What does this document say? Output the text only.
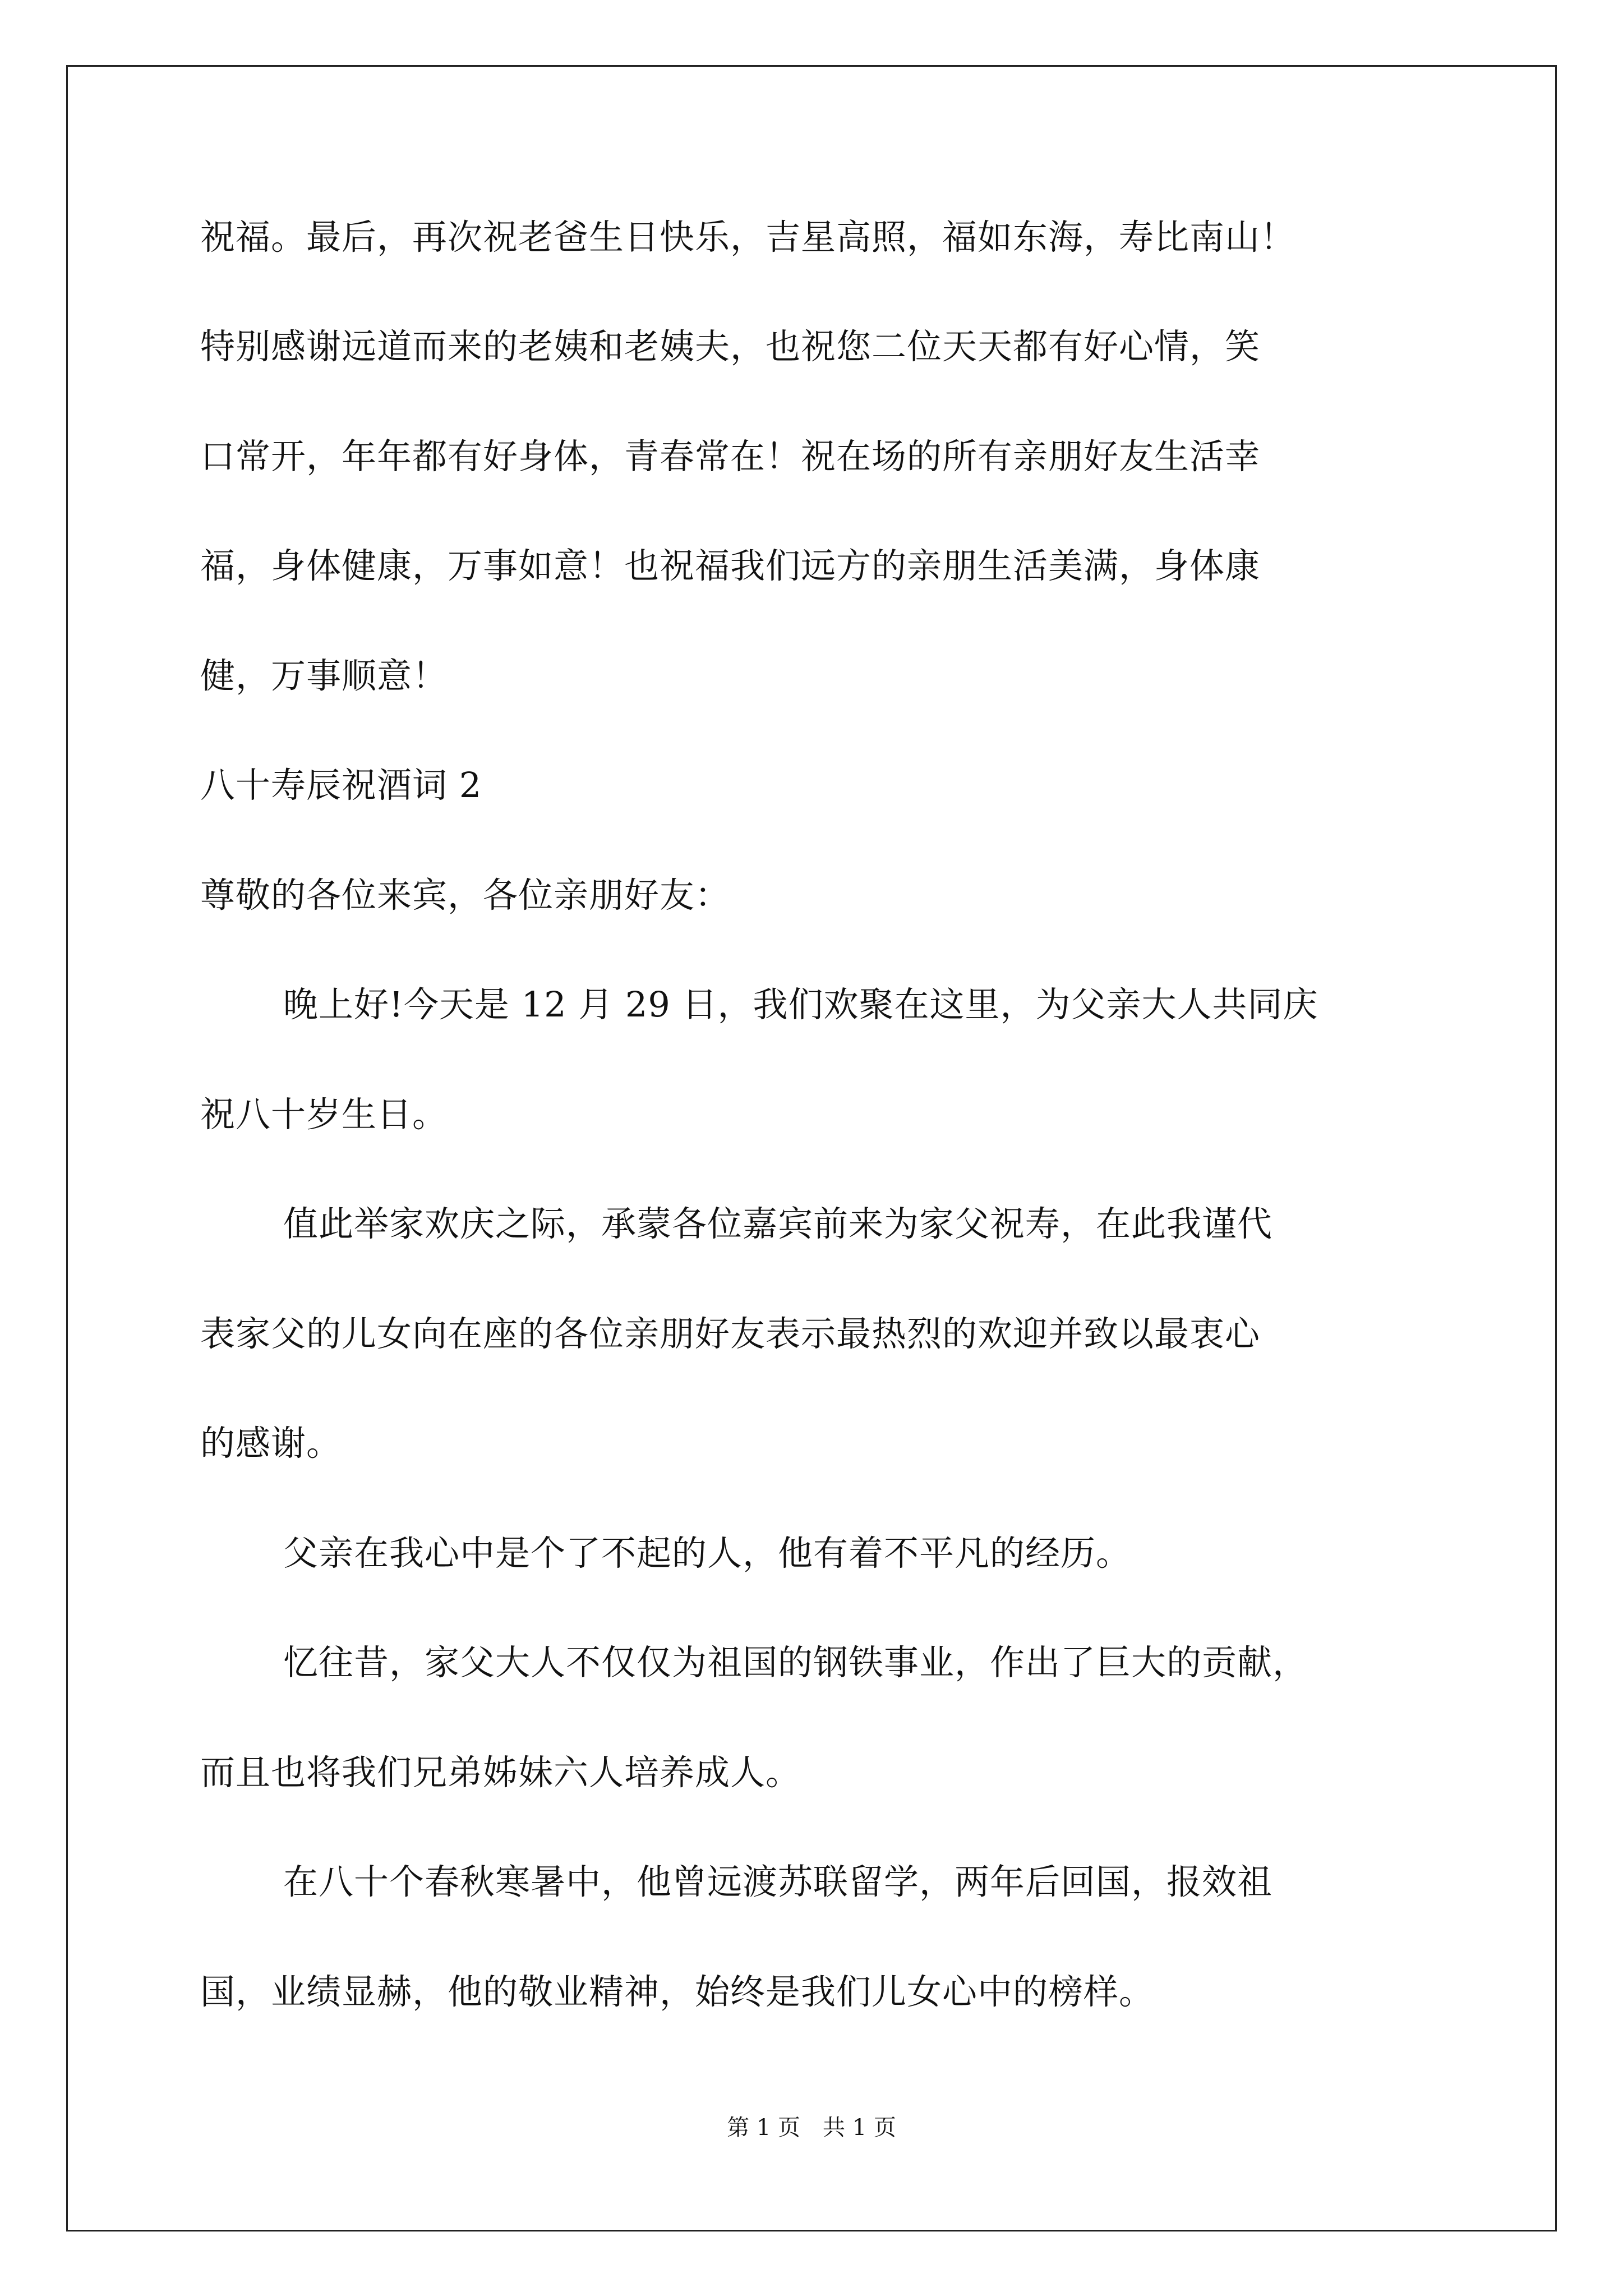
祝福。最后，再次祝老爸生日快乐，吉星高照，福如东海，寿比南山！
特别感谢远道而来的老姨和老姨夫，也祝您二位天天都有好心情，笑
口常开，年年都有好身体，青春常在！祝在场的所有亲朋好友生活幸
福，身体健康，万事如意！也祝福我们远方的亲朋生活美满，身体康
健，万事顺意！
八十寿辰祝酒词 2
尊敬的各位来宾，各位亲朋好友：
晚上好!今天是 12 月 29 日，我们欢聚在这里，为父亲大人共同庆
祝八十岁生日。
值此举家欢庆之际，承蒙各位嘉宾前来为家父祝寿，在此我谨代
表家父的儿女向在座的各位亲朋好友表示最热烈的欢迎并致以最衷心
的感谢。
父亲在我心中是个了不起的人，他有着不平凡的经历。
忆往昔，家父大人不仅仅为祖国的钢铁事业，作出了巨大的贡献，
而且也将我们兄弟姊妹六人培养成人。
在八十个春秋寒暑中，他曾远渡苏联留学，两年后回国，报效祖
国，业绩显赫，他的敬业精神，始终是我们儿女心中的榜样。
第 1 页　共 1 页
